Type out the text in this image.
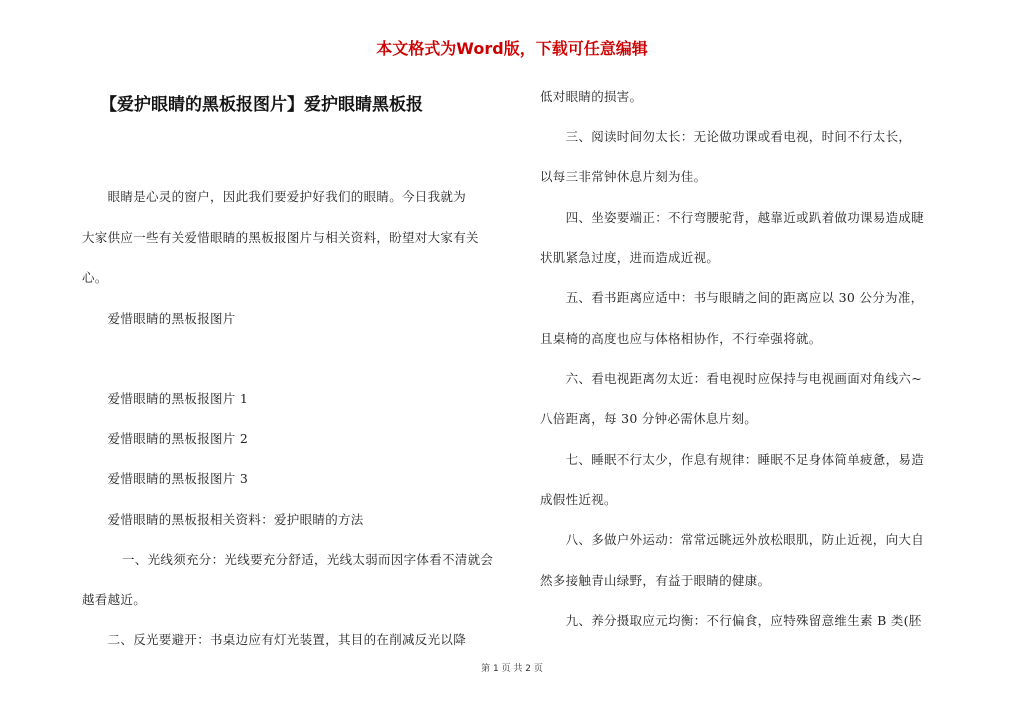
本文格式为Word版，下载可任意编辑
【爱护眼睛的黑板报图片】爱护眼睛黑板报

　　眼睛是心灵的窗户，因此我们要爱护好我们的眼睛。今日我就为

大家供应一些有关爱惜眼睛的黑板报图片与相关资料，盼望对大家有关

心。

　　爱惜眼睛的黑板报图片

　　爱惜眼睛的黑板报图片 1

　　爱惜眼睛的黑板报图片 2

　　爱惜眼睛的黑板报图片 3

　　爱惜眼睛的黑板报相关资料：爱护眼睛的方法

一、光线须充分：光线要充分舒适，光线太弱而因字体看不清就会

越看越近。

　　二、反光要避开：书桌边应有灯光装置，其目的在削减反光以降

低对眼睛的损害。

　　三、阅读时间勿太长：无论做功课或看电视，时间不行太长，

以每三非常钟休息片刻为佳。

　　四、坐姿要端正：不行弯腰驼背，越靠近或趴着做功课易造成睫

状肌紧急过度，进而造成近视。

　　五、看书距离应适中：书与眼睛之间的距离应以 30 公分为准，

且桌椅的高度也应与体格相协作，不行牵强将就。

　　六、看电视距离勿太近：看电视时应保持与电视画面对角线六~

八倍距离，每 30 分钟必需休息片刻。

　　七、睡眠不行太少，作息有规律：睡眠不足身体简单疲惫，易造

成假性近视。

　　八、多做户外运动：常常远眺远外放松眼肌，防止近视，向大自

然多接触青山绿野，有益于眼睛的健康。

　　九、养分摄取应元均衡：不行偏食，应特殊留意维生素 B 类(胚

第 1 页 共 2 页
